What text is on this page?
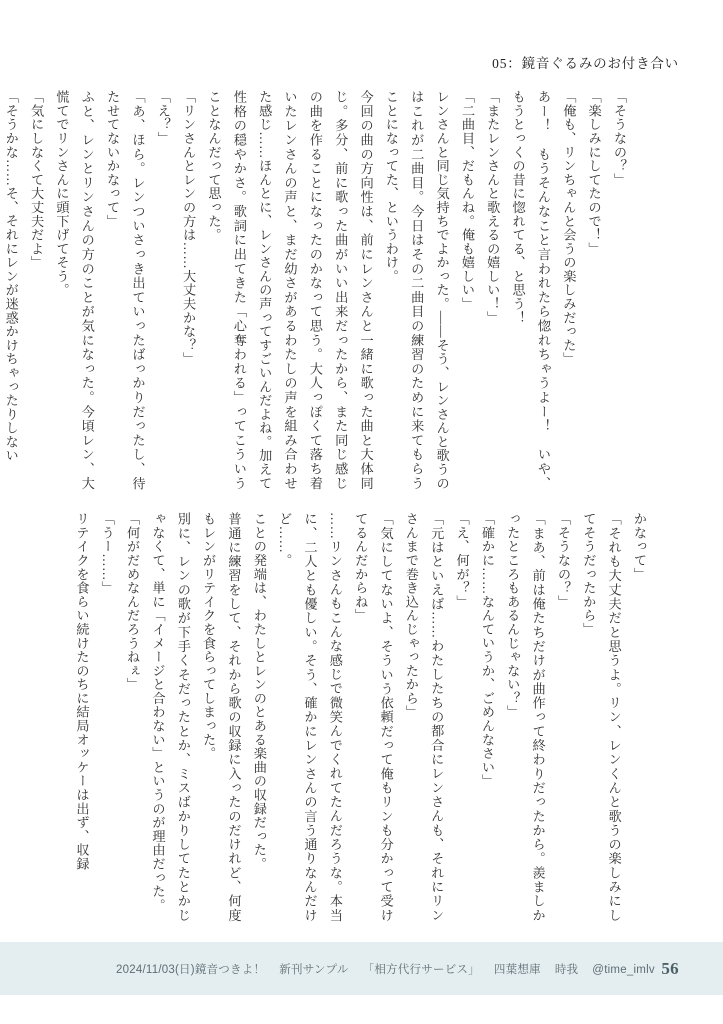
05：鏡音ぐるみのお付き合い
「そうなの？」
「楽しみにしてたので！」
「俺も、リンちゃんと会うの楽しみだった」
あー！　もうそんなこと言われたら惚れちゃうよー！　いや、もうとっくの昔に惚れてる、と思う！
「またレンさんと歌えるの嬉しい！」
「二曲目、だもんね。俺も嬉しい」
レンさんと同じ気持ちでよかった。――そう、レンさんと歌うのはこれが二曲目。今日はその二曲目の練習のために来てもらうことになってた、というわけ。
今回の曲の方向性は、前にレンさんと一緒に歌った曲と大体同じ。多分、前に歌った曲がいい出来だったから、また同じ感じの曲を作ることになったのかなって思う。大人っぽくて落ち着いたレンさんの声と、まだ幼さがあるわたしの声を組み合わせた感じ……ほんとに、レンさんの声ってすごいんだよね。加えて性格の穏やかさ。歌詞に出てきた「心奪われる」ってこういうことなんだって思った。
「リンさんとレンの方は……大丈夫かな？」
「え？」
「あ、ほら。レンついさっき出ていったばっかりだったし、待たせてないかなって」
ふと、レンとリンさんの方のことが気になった。今頃レン、大慌てでリンさんに頭下げてそう。
「気にしなくて大丈夫だよ」
「そうかな……そ、それにレンが迷惑かけちゃったりしない
かなって」
「それも大丈夫だと思うよ。リン、レンくんと歌うの楽しみにしてそうだったから」
「そうなの？」
「まあ、前は俺たちだけが曲作って終わりだったから。羨ましかったところもあるんじゃない？」
「確かに……なんていうか、ごめんなさい」
「え、何が？」
「元はといえば……わたしたちの都合にレンさんも、それにリンさんまで巻き込んじゃったから」
「気にしてないよ、そういう依頼だって俺もリンも分かって受けてるんだからね」
……リンさんもこんな感じで微笑んでくれてたんだろうな。本当に、二人とも優しい。そう、確かにレンさんの言う通りなんだけど……。
ことの発端は、わたしとレンのとある楽曲の収録だった。
普通に練習をして、それから歌の収録に入ったのだけれど、何度もレンがリテイクを食らってしまった。
別に、レンの歌が下手くそだったとか、ミスばかりしてたとかじゃなくて、単に「イメージと合わない」というのが理由だった。
「何がだめなんだろうねぇ」
「うー……」
リテイクを食らい続けたのちに結局オッケーは出ず、収録
2024/11/03(日)鏡音つきよ！ 新刊サンプル 「相方代行サービス」 四葉想庫 時我 @time_imlv 56
